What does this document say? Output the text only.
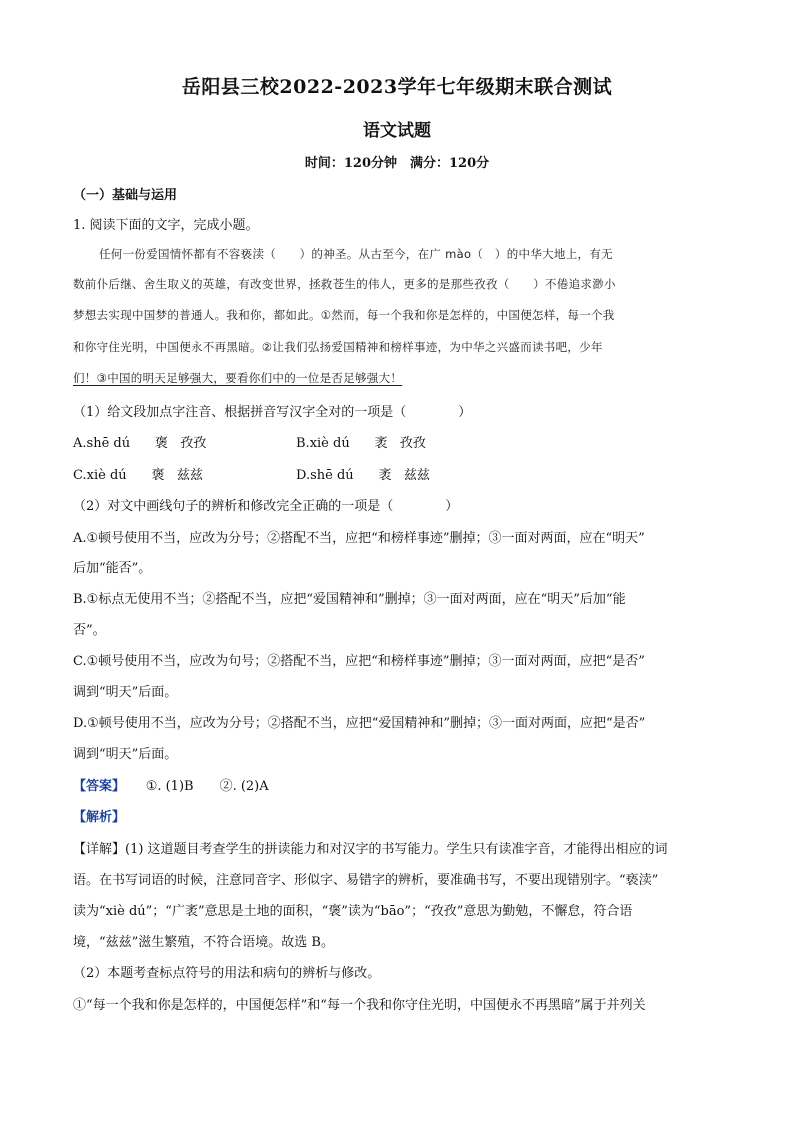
岳阳县三校2022-2023学年七年级期末联合测试
语文试题
时间：120分钟　满分：120分
（一）基础与运用
1. 阅读下面的文字，完成小题。
任何一份爱国情怀都有不容亵渎（　　）的神圣。从古至今，在广 mào（　）的中华大地上，有无
数前仆后继、舍生取义的英雄，有改变世界，拯救苍生的伟人，更多的是那些孜孜（　　）不倦追求渺小
梦想去实现中国梦的普通人。我和你，都如此。①然而，每一个我和你是怎样的，中国便怎样，每一个我
和你守住光明，中国便永不再黑暗。②让我们弘扬爱国精神和榜样事迹，为中华之兴盛而读书吧，少年
们！③中国的明天足够强大，要看你们中的一位是否足够强大！
（1）给文段加点字注音、根据拼音写汉字全对的一项是（　　　　）
A.shē dú 褒 孜孜	B.xiè dú 袤 孜孜
C.xiè dú 褒 兹兹	D.shē dú 袤 兹兹
（2）对文中画线句子的辨析和修改完全正确的一项是（　　　　）
A.①顿号使用不当，应改为分号；②搭配不当，应把“和榜样事迹”删掉；③一面对两面，应在“明天”
后加“能否”。
B.①标点无使用不当；②搭配不当，应把“爱国精神和”删掉；③一面对两面，应在“明天”后加“能
否”。
C.①顿号使用不当，应改为句号；②搭配不当，应把“和榜样事迹”删掉；③一面对两面，应把“是否”
调到“明天”后面。
D.①顿号使用不当，应改为分号；②搭配不当，应把“爱国精神和”删掉；③一面对两面，应把“是否”
调到“明天”后面。
【答案】 ①. (1)B　　②. (2)A
【解析】
【详解】(1) 这道题目考查学生的拼读能力和对汉字的书写能力。学生只有读准字音，才能得出相应的词
语。在书写词语的时候，注意同音字、形似字、易错字的辨析，要准确书写，不要出现错别字。“亵渎”
读为“xiè dú”；“广袤”意思是土地的面积，“褒”读为“bāo”；“孜孜”意思为勤勉，不懈怠，符合语
境，“兹兹”滋生繁殖，不符合语境。故选 B。
（2）本题考查标点符号的用法和病句的辨析与修改。
①“每一个我和你是怎样的，中国便怎样”和“每一个我和你守住光明，中国便永不再黑暗”属于并列关
